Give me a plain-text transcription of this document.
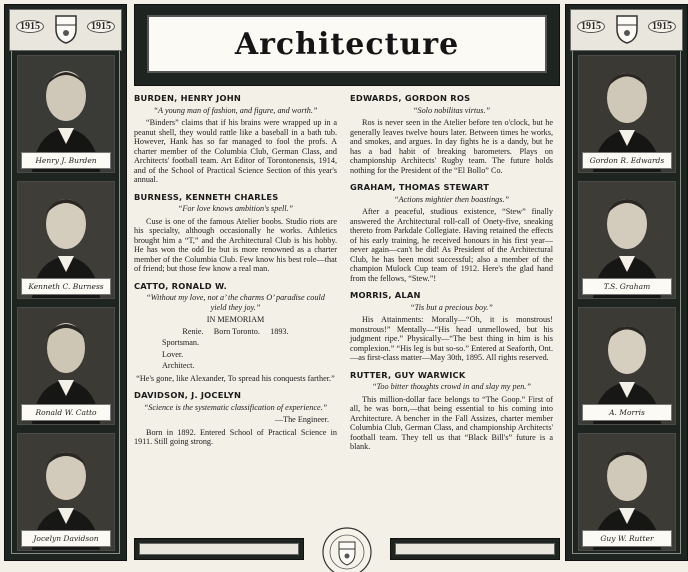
1915	1915
Henry J. Burden
Kenneth C. Burness
Ronald W. Catto
Jocelyn Davidson
1915	1915
Gordon R. Edwards
T.S. Graham
A. Morris
Guy W. Rutter
Architecture
BURDEN, HENRY JOHN
“A young man of fashion, and figure, and worth.”

“Binders” claims that if his brains were wrapped up in a peanut shell, they would rattle like a baseball in a bath tub. However, Hank has so far managed to fool the profs. A charter member of the Columbia Club, German Class, and Architects' football team. Art Editor of Torontonensis, 1914, and of the School of Practical Science Section of this year's annual.

BURNESS, KENNETH CHARLES
“For love knows ambition's spell.”

Cuse is one of the famous Atelier boobs. Studio riots are his specialty, although occasionally he works. Athletics brought him a “T,” and the Architectural Club is his hobby. He has won the odd Ite but is more renowned as a charter member of the Columbia Club. Few know his best role—that of friend; but those few know a real man.

CATTO, RONALD W.
“Without my love, not a’ the charms O’ paradise could yield they joy.”
IN MEMORIAM
Renie.     Born Toronto.     1893.
Sportsman.
Lover.
Architect.
“He's gone, like Alexander, To spread his conquests farther.”
DAVIDSON, J. JOCELYN
“Science is the systematic classification of experience.”
—The Engineer.

Born in 1892. Entered School of Practical Science in 1911. Still going strong.

EDWARDS, GORDON ROS
“Solo nobilitas virtus.”

Ros is never seen in the Atelier before ten o'clock, but he generally leaves twelve hours later. Between times he works, and smokes, and argues. In day fights he is a dandy, but he has a bad habit of breaking barometers. Plays on championship Architects' Rugby team. The future holds nothing for the President of the “El Bollo” Co.

GRAHAM, THOMAS STEWART
“Actions mightier then boastings.”

After a peaceful, studious existence, “Stew” finally answered the Architectural roll-call of Onety-five, sneaking thereto from Parkdale Collegiate. Having retained the effects of his early training, he received honours in his first year—never again—can't be did! As President of the Architectural Club, he has been most successful; also a member of the champion Mulock Cup team of 1912. Here's the glad hand from the fellows, “Stew.”!

MORRIS, ALAN
“Tis but a precious boy.”

His Attainments: Morally—“Oh, it is monstrous! monstrous!” Mentally—“His head unmellowed, but his judgment ripe.” Physically—“The best thing in him is his complexion.” “His leg is but so-so.” Entered at Seaforth, Ont.—as first-class matter—May 30th, 1895. All rights reserved.

RUTTER, GUY WARWICK
“Too bitter thoughts crowd in and slay my pen.”

This million-dollar face belongs to “The Goop.” First of all, he was born,—that being essential to his coming into Architecture. A bencher in the Fall Assizes, charter member Columbia Club, German Class, and championship Architects' football team. They tell us that “Black Bill's” future is a blank.
